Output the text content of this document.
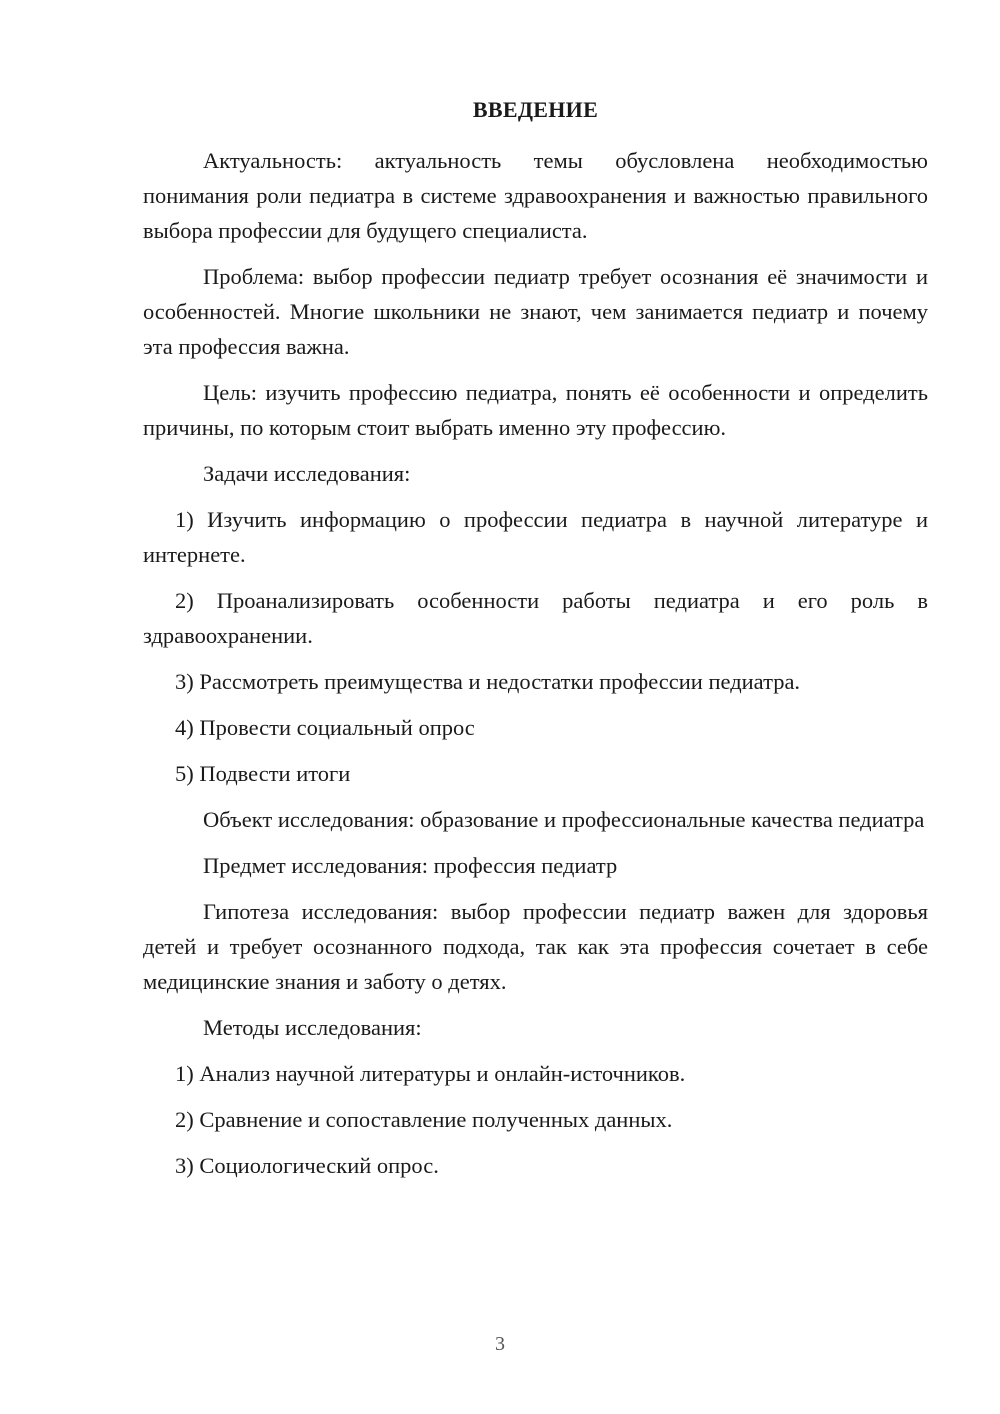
ВВЕДЕНИЕ
Актуальность: актуальность темы обусловлена необходимостью понимания роли педиатра в системе здравоохранения и важностью правильного выбора профессии для будущего специалиста.
Проблема: выбор профессии педиатр требует осознания её значимости и особенностей. Многие школьники не знают, чем занимается педиатр и почему эта профессия важна.
Цель: изучить профессию педиатра, понять её особенности и определить причины, по которым стоит выбрать именно эту профессию.
Задачи исследования:
1) Изучить информацию о профессии педиатра в научной литературе и интернете.
2) Проанализировать особенности работы педиатра и его роль в здравоохранении.
3) Рассмотреть преимущества и недостатки профессии педиатра.
4) Провести социальный опрос
5) Подвести итоги
Объект исследования: образование и профессиональные качества педиатра
Предмет исследования: профессия педиатр
Гипотеза исследования: выбор профессии педиатр важен для здоровья детей и требует осознанного подхода, так как эта профессия сочетает в себе медицинские знания и заботу о детях.
Методы исследования:
1) Анализ научной литературы и онлайн-источников.
2) Сравнение и сопоставление полученных данных.
3) Социологический опрос.
3
